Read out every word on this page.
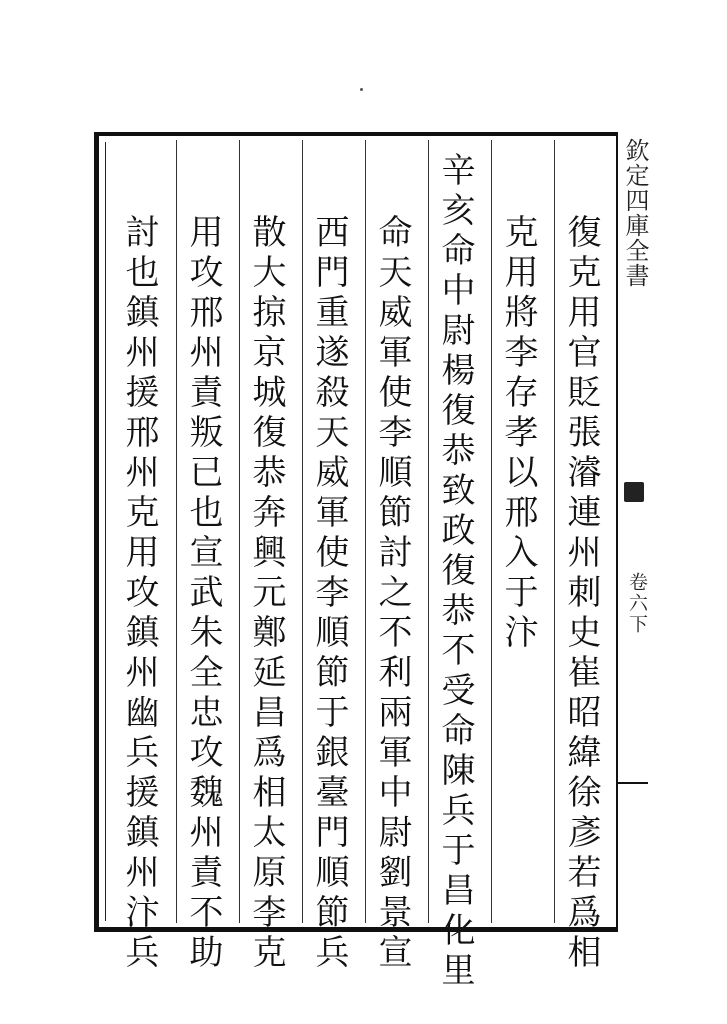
復克用官貶張濬連州刺史崔昭緯徐彥若爲相
克用將李存孝以邢入于汴
辛亥命中尉楊復恭致政復恭不受命陳兵于昌化里
命天威軍使李順節討之不利兩軍中尉劉景宣
西門重遂殺天威軍使李順節于銀臺門順節兵
散大掠京城復恭奔興元鄭延昌爲相太原李克
用攻邢州責叛已也宣武朱全忠攻魏州責不助
討也鎮州援邢州克用攻鎮州幽兵援鎮州汴兵
欽定四庫全書
卷六下
